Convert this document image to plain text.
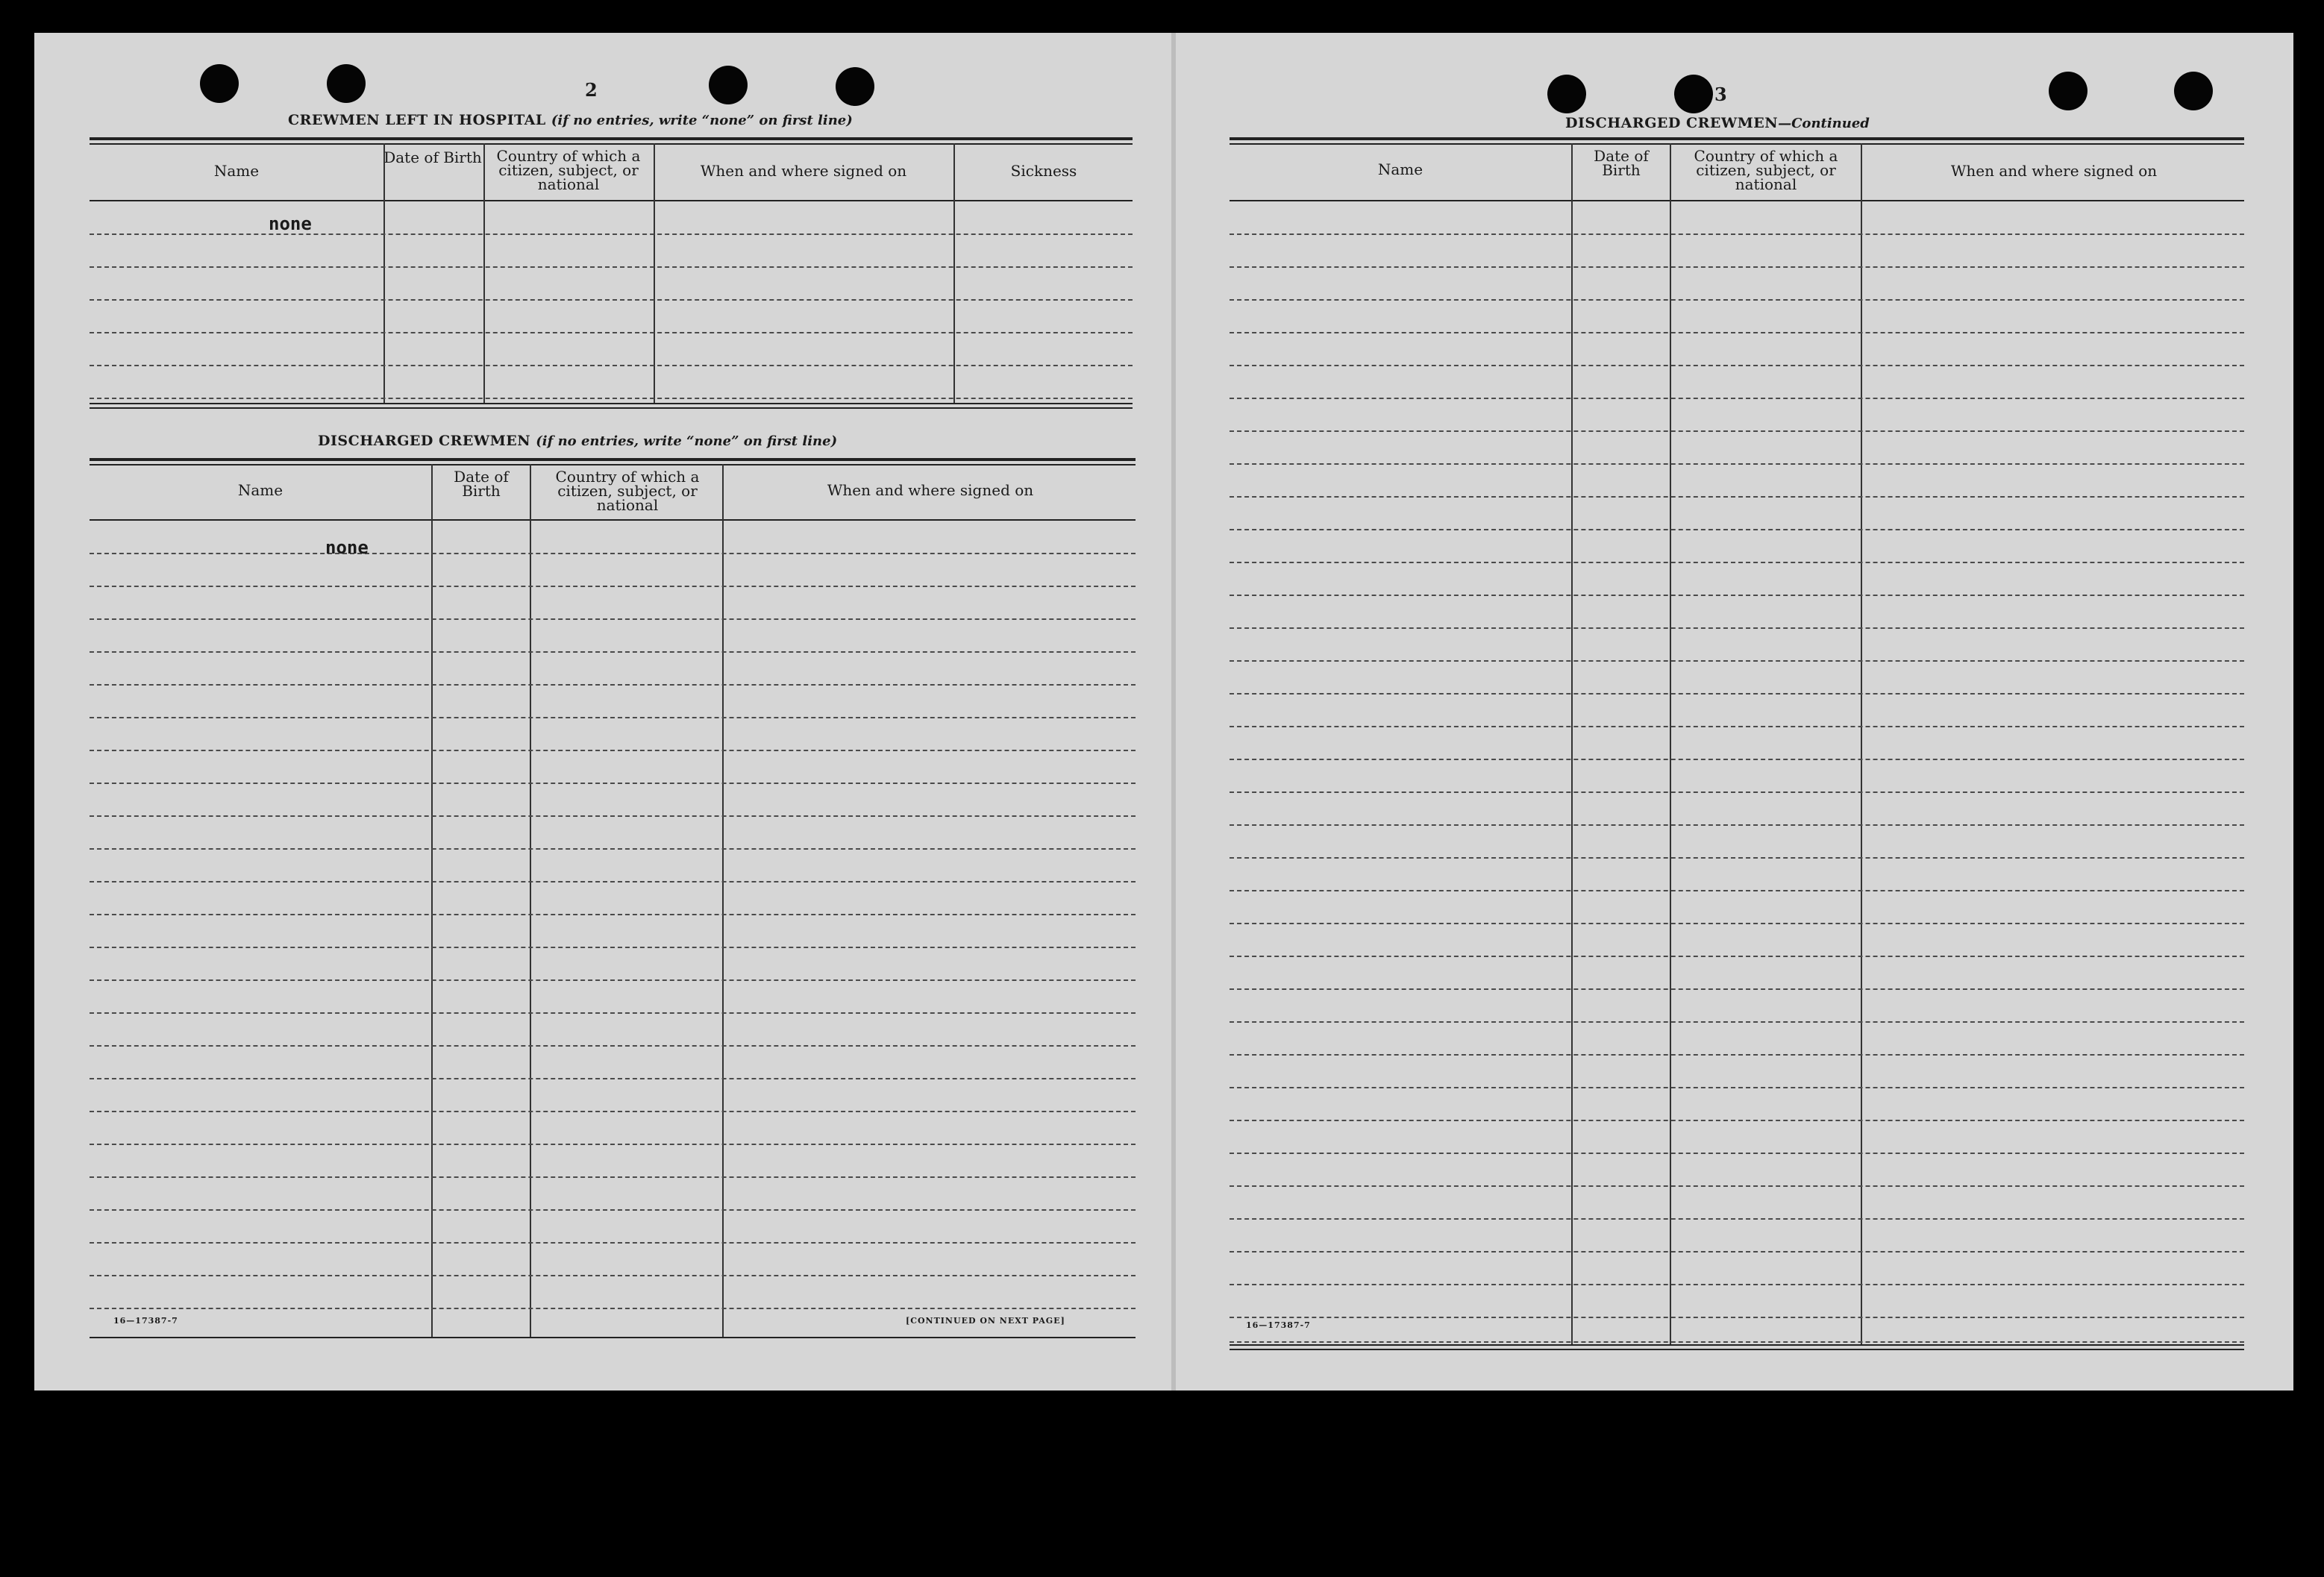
2
CREWMEN LEFT IN HOSPITAL (if no entries, write “none” on first line)
Name
Date of Birth Country of which a citizen, subject, or national
When and where signed on	Sickness
none
DISCHARGED CREWMEN (if no entries, write “none” on first line)
Name
Date of Birth
Country of which a citizen, subject, or national
When and where signed on
none
16—17387-7	[CONTINUED ON NEXT PAGE]
3
DISCHARGED CREWMEN—Continued
Name
Date of Birth
Country of which a citizen, subject, or national
When and where signed on
16—17387-7
